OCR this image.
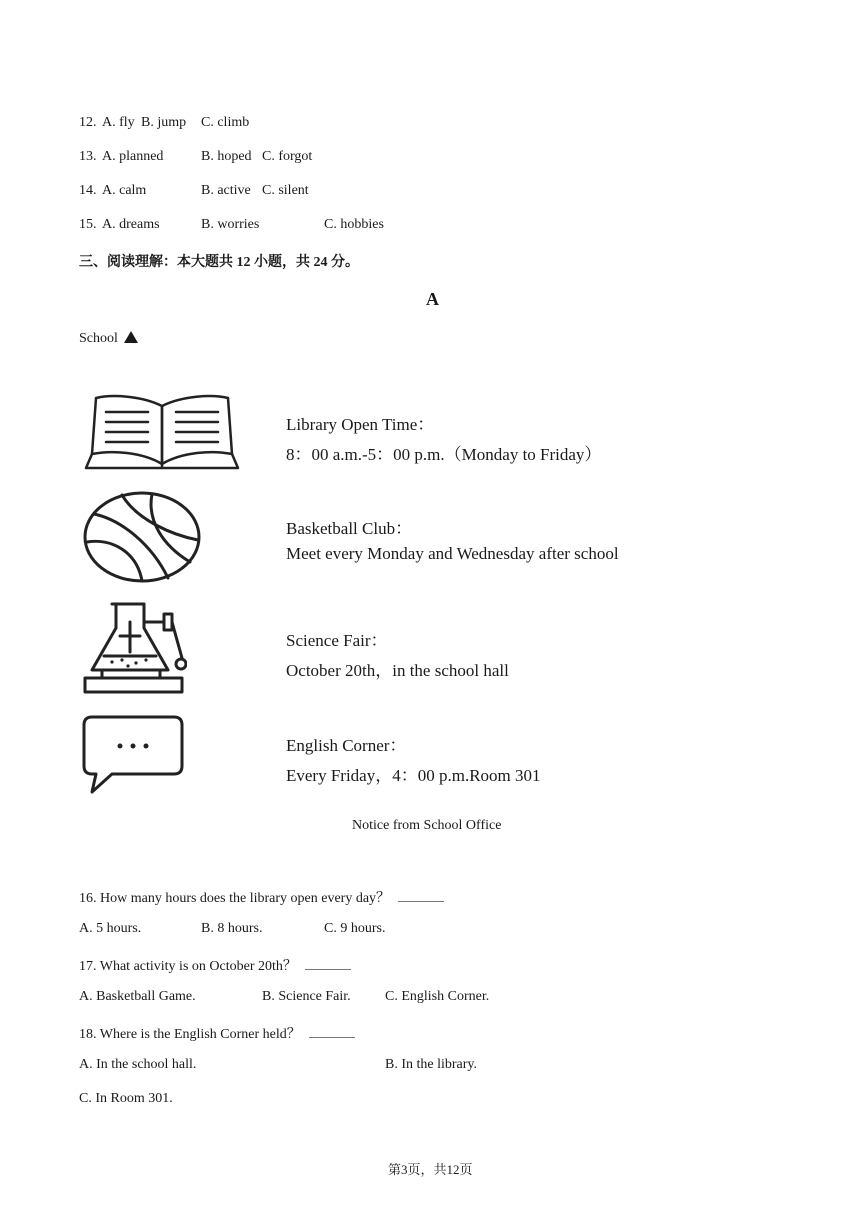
12. A. fly B. jump C. climb
13. A. planned	B. hoped C. forgot
14. A. calm	B. active C. silent
15. A. dreams	B. worries	C. hobbies
三、阅读理解：本大题共 12 小题，共 24 分。
A
School
Library Open Time：
8：00 a.m.-5：00 p.m.（Monday to Friday）
Basketball Club：
Meet every Monday and Wednesday after school
Science Fair：
October 20th，in the school hall
English Corner：
Every Friday，4：00 p.m.Room 301
Notice from School Office
16. How many hours does the library open every day？
A. 5 hours.	B. 8 hours.	C. 9 hours.
17. What activity is on October 20th？
A. Basketball Game.	B. Science Fair. C. English Corner.
18. Where is the English Corner held？
A. In the school hall.	B. In the library.
C. In Room 301.
第3页，共12页
